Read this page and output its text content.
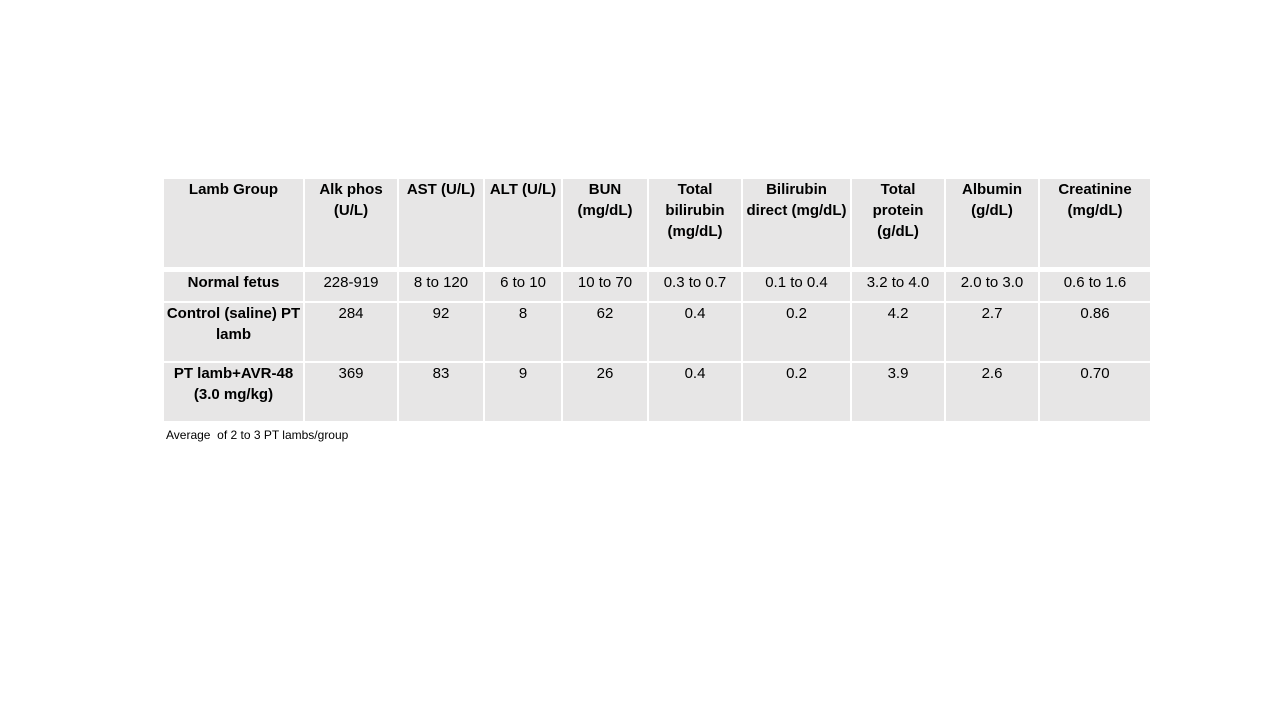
Lamb Group	Alk phos (U/L)	AST (U/L)	ALT (U/L)	BUN (mg/dL)	Total bilirubin (mg/dL)	Bilirubin direct (mg/dL)	Total protein (g/dL)	Albumin (g/dL)	Creatinine (mg/dL)
Normal fetus	228-919	8 to 120	6 to 10	10 to 70	0.3 to 0.7	0.1 to 0.4	3.2 to 4.0	2.0 to 3.0	0.6 to 1.6
Control (saline) PT lamb	284	92	8	62	0.4	0.2	4.2	2.7	0.86
PT lamb+AVR-48 (3.0 mg/kg)	369	83	9	26	0.4	0.2	3.9	2.6	0.70
Average  of 2 to 3 PT lambs/group
